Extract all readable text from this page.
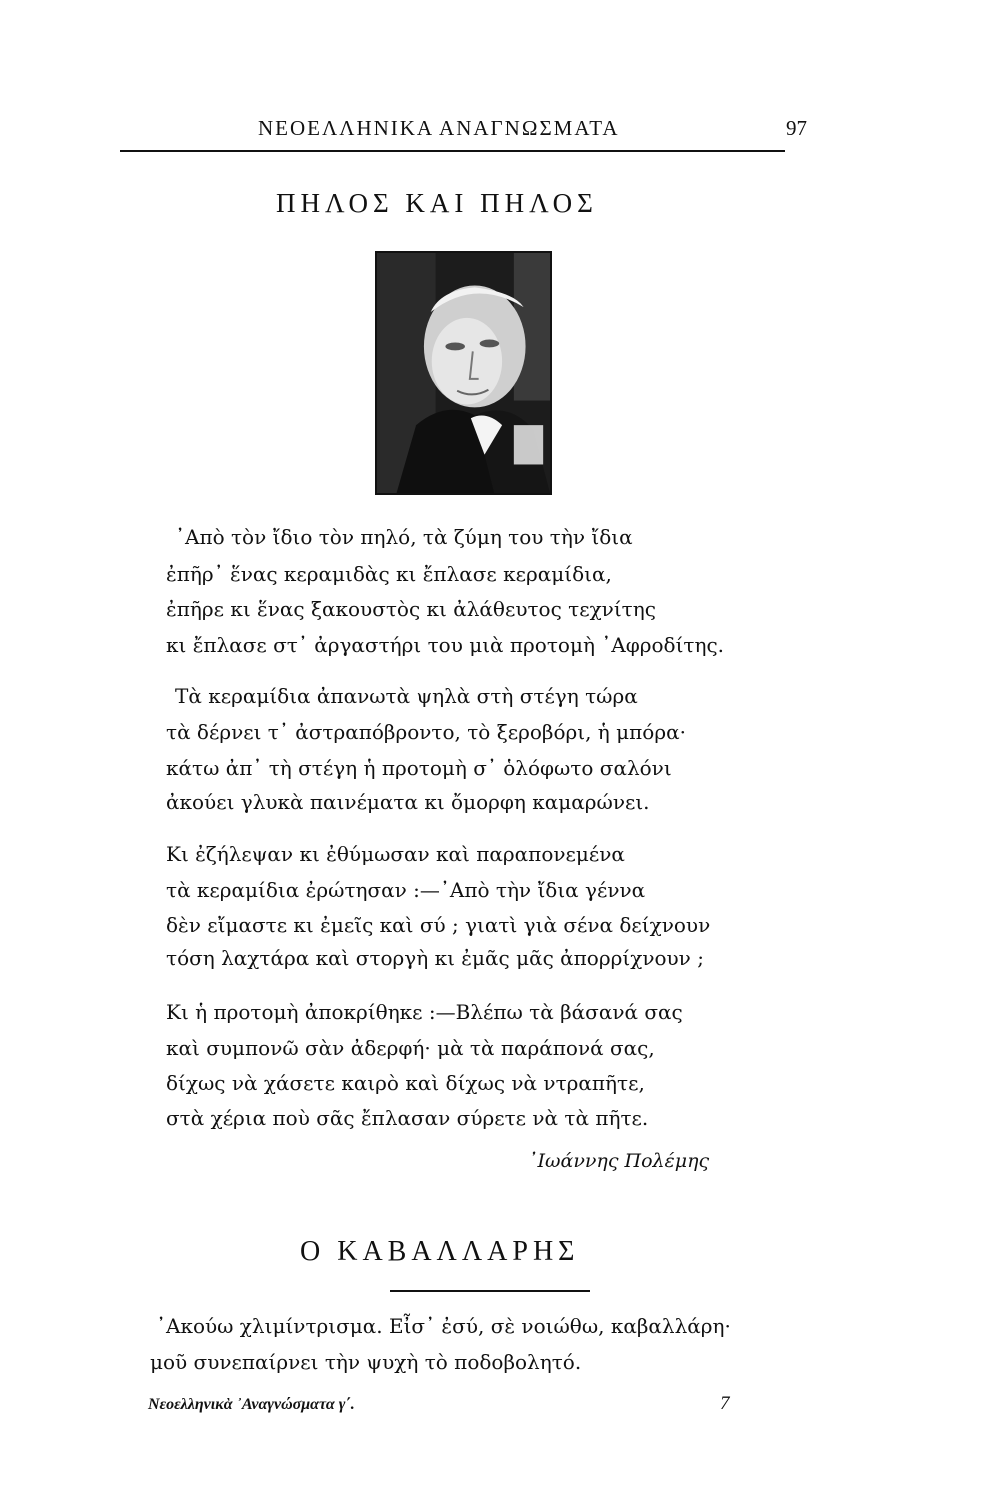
ΝΕΟΕΛΛΗΝΙΚΑ ΑΝΑΓΝΩΣΜΑΤΑ	97
ΠΗΛΟΣ ΚΑΙ ΠΗΛΟΣ
᾿Απὸ τὸν ἴδιο τὸν πηλό, τὰ ζύμη του τὴν ἴδια
ἐπῆρ᾽ ἕνας κεραμιδὰς κι ἔπλασε κεραμίδια,
ἐπῆρε κι ἕνας ξακουστὸς κι ἀλάθευτος τεχνίτης
κι ἔπλασε στ᾽ ἀργαστήρι του μιὰ προτομὴ ᾿Αφροδίτης.
Τὰ κεραμίδια ἀπανωτὰ ψηλὰ στὴ στέγη τώρα
τὰ δέρνει τ᾽ ἀστραπόβροντο, τὸ ξεροβόρι, ἡ μπόρα·
κάτω ἀπ᾽ τὴ στέγη ἡ προτομὴ σ᾽ ὁλόφωτο σαλόνι
ἀκούει γλυκὰ παινέματα κι ὄμορφη καμαρώνει.
Κι ἐζήλεψαν κι ἐθύμωσαν καὶ παραπονεμένα
τὰ κεραμίδια ἐρώτησαν :—᾿Απὸ τὴν ἴδια γέννα
δὲν εἴμαστε κι ἐμεῖς καὶ σύ ; γιατὶ γιὰ σένα δείχνουν
τόση λαχτάρα καὶ στοργὴ κι ἐμᾶς μᾶς ἀπορρίχνουν ;
Κι ἡ προτομὴ ἀποκρίθηκε :—Βλέπω τὰ βάσανά σας
καὶ συμπονῶ σὰν ἀδερφή· μὰ τὰ παράπονά σας,
δίχως νὰ χάσετε καιρὸ καὶ δίχως νὰ ντραπῆτε,
στὰ χέρια ποὺ σᾶς ἔπλασαν σύρετε νὰ τὰ πῆτε.
᾿Ιωάννης Πολέμης
Ο ΚΑΒΑΛΛΑΡΗΣ
᾿Ακούω χλιμίντρισμα. Εἶσ᾽ ἐσύ, σὲ νοιώθω, καβαλλάρη·
μοῦ συνεπαίρνει τὴν ψυχὴ τὸ ποδοβολητό.
Νεοελληνικὰ ᾿Αναγνώσματα γ΄.	7
